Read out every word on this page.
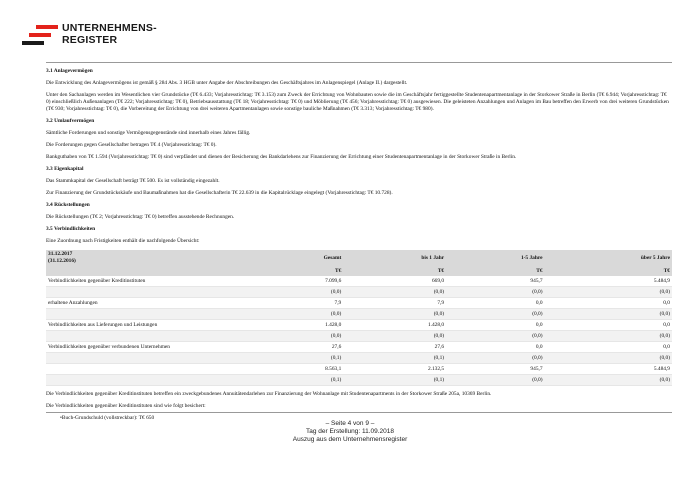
UNTERNEHMENS-
REGISTER
3.1 Anlagevermögen
Die Entwicklung des Anlagevermögens ist gemäß § 284 Abs. 3 HGB unter Angabe der Abschreibungen des Geschäftsjahres im Anlagenspiegel (Anlage II.) dargestellt.
Unter den Sachanlagen werden im Wesentlichen vier Grundstücke (T€ 6.433; Vorjahresstichtag: T€ 3.153) zum Zweck der Errichtung von Wohnbauten sowie die im Geschäftsjahr fertiggestellte Studentenapartmentanlage in der Storkower Straße in Berlin (T€ 6.944; Vorjahresstichtag: T€ 0) einschließlich Außenanlagen (T€ 222; Vorjahresstichtag: T€ 0), Betriebsausstattung (T€ 18; Vorjahresstichtag: T€ 0) und Möblierung (T€ 456; Vorjahresstichtag: T€ 0) ausgewiesen. Die geleisteten Anzahlungen und Anlagen im Bau betreffen den Erwerb von drei weiteren Grundstücken (T€ 930; Vorjahresstichtag: T€ 0), die Vorbereitung der Errichtung von drei weiteren Apartmentanlagen sowie sonstige bauliche Maßnahmen (T€ 3.313; Vorjahresstichtag: T€ 980).
3.2 Umlaufvermögen
Sämtliche Forderungen und sonstige Vermögensgegenstände sind innerhalb eines Jahres fällig.
Die Forderungen gegen Gesellschafter betragen T€ 4 (Vorjahresstichtag: T€ 0).
Bankguthaben von T€ 1.594 (Vorjahresstichtag: T€ 0) sind verpfändet und dienen der Besicherung des Bankdarlehens zur Finanzierung der Errichtung einer Studentenapartmentanlage in der Storkower Straße in Berlin.
3.3 Eigenkapital
Das Stammkapital der Gesellschaft beträgt T€ 500. Es ist vollständig eingezahlt.
Zur Finanzierung der Grundstückskäufe und Baumaßnahmen hat die Gesellschafterin T€ 22.639 in die Kapitalrücklage eingelegt (Vorjahresstichtag: T€ 10.728).
3.4 Rückstellungen
Die Rückstellungen (T€ 2; Vorjahresstichtag: T€ 0) betreffen ausstehende Rechnungen.
3.5 Verbindlichkeiten
Eine Zuordnung nach Fristigkeiten enthält die nachfolgende Übersicht:
31.12.2017
(31.12.2016)	Gesamt	bis 1 Jahr	1-5 Jahre	über 5 Jahre
	T€	T€	T€	T€
Verbindlichkeiten gegenüber Kreditinstituten	7.099,6	669,0	945,7	5.484,9
	(0,0)	(0,0)	(0,0)	(0,0)
erhaltene Anzahlungen	7,9	7,9	0,0	0,0
	(0,0)	(0,0)	(0,0)	(0,0)
Verbindlichkeiten aus Lieferungen und Leistungen	1.428,0	1.428,0	0,0	0,0
	(0,0)	(0,0)	(0,0)	(0,0)
Verbindlichkeiten gegenüber verbundenen Unternehmen	27,6	27,6	0,0	0,0
	(0,1)	(0,1)	(0,0)	(0,0)
	8.563,1	2.132,5	945,7	5.484,9
	(0,1)	(0,1)	(0,0)	(0,0)
Die Verbindlichkeiten gegenüber Kreditinstituten betreffen ein zweckgebundenes Annuitätendarlehen zur Finanzierung der Wohnanlage mit Studentenapartments in der Storkower Straße 205a, 10369 Berlin.
Die Verbindlichkeiten gegenüber Kreditinstituten sind wie folgt besichert:
•Buch-Grundschuld (vollstreckbar): T€ 650
– Seite 4 von 9 –
Tag der Erstellung: 11.09.2018
Auszug aus dem Unternehmensregister
